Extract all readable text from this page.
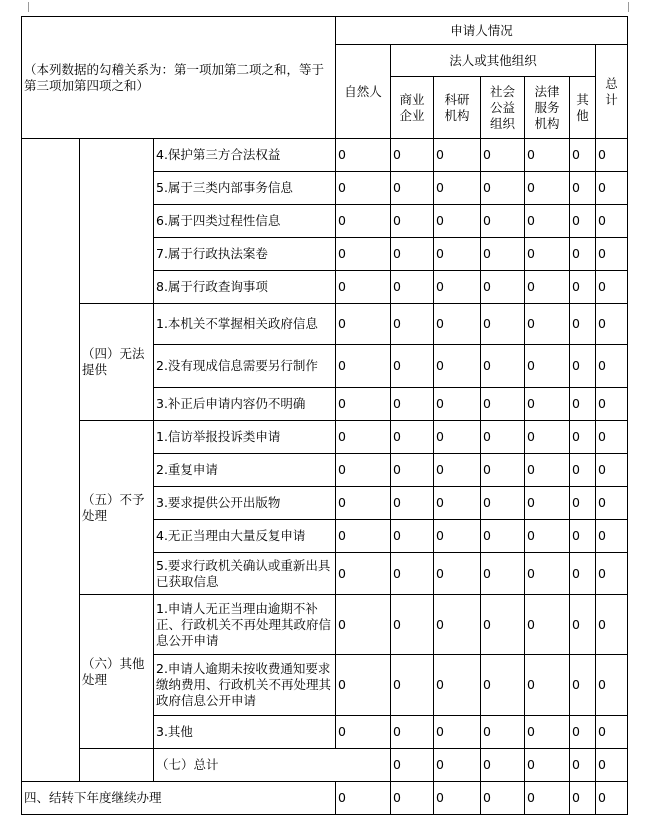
（本列数据的勾稽关系为：第一项加第二项之和，等于第三项加第四项之和）			申请人情况							
			自然人	法人或其他组织					总计	
				商业企业	科研机构	社会公益组织	法律服务机构	其他		
		4.保护第三方合法权益	0	0	0	0	0	0	0	
		5.属于三类内部事务信息	0	0	0	0	0	0	0	
		6.属于四类过程性信息	0	0	0	0	0	0	0	
		7.属于行政执法案卷	0	0	0	0	0	0	0	
		8.属于行政查询事项	0	0	0	0	0	0	0	
	（四）无法提供	1.本机关不掌握相关政府信息	0	0	0	0	0	0	0	
		2.没有现成信息需要另行制作	0	0	0	0	0	0	0	
		3.补正后申请内容仍不明确	0	0	0	0	0	0	0	
	（五）不予处理	1.信访举报投诉类申请	0	0	0	0	0	0	0	
		2.重复申请	0	0	0	0	0	0	0	
		3.要求提供公开出版物	0	0	0	0	0	0	0	
		4.无正当理由大量反复申请	0	0	0	0	0	0	0	
		5.要求行政机关确认或重新出具已获取信息	0	0	0	0	0	0	0	
	（六）其他处理	1.申请人无正当理由逾期不补正、行政机关不再处理其政府信息公开申请	0	0	0	0	0	0	0	
		2.申请人逾期未按收费通知要求缴纳费用、行政机关不再处理其政府信息公开申请	0	0	0	0	0	0	0	
		3.其他	0	0	0	0	0	0	0	
		（七）总计		0	0	0	0	0	0	
四、结转下年度继续办理			0	0	0	0	0	0	0	
